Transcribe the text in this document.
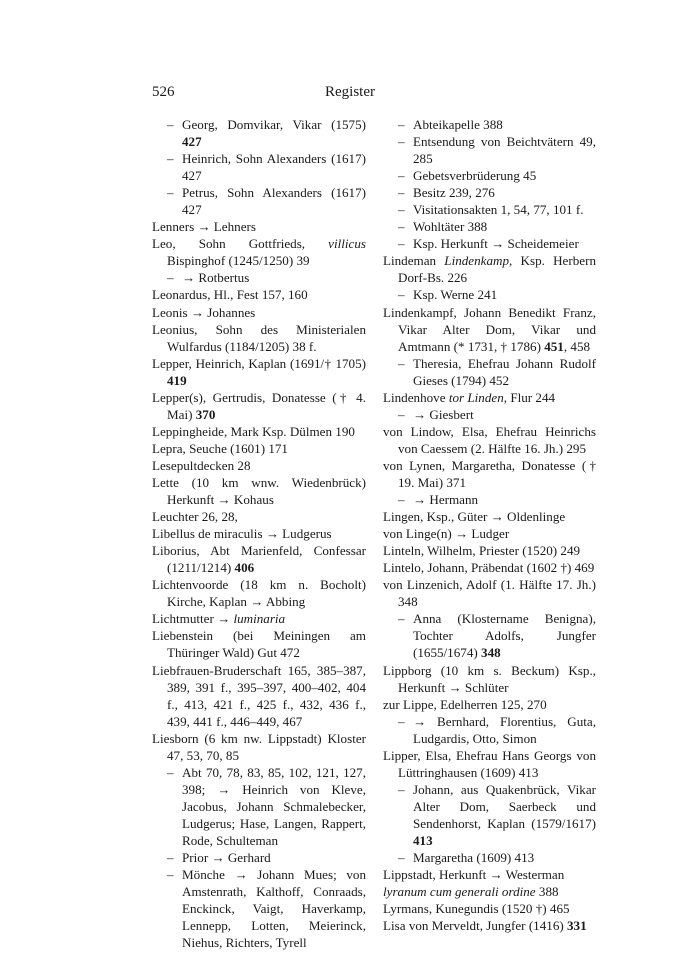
526	Register
– Georg, Domvikar, Vikar (1575) 427
– Heinrich, Sohn Alexanders (1617) 427
– Petrus, Sohn Alexanders (1617) 427
Lenners → Lehners
Leo, Sohn Gottfrieds, villicus Bispinghof (1245/1250) 39
– → Rotbertus
Leonardus, Hl., Fest 157, 160
Leonis → Johannes
Leonius, Sohn des Ministerialen Wulfardus (1184/1205) 38 f.
Lepper, Heinrich, Kaplan (1691/† 1705) 419
Lepper(s), Gertrudis, Donatesse († 4. Mai) 370
Leppingheide, Mark Ksp. Dülmen 190
Lepra, Seuche (1601) 171
Lesepultdecken 28
Lette (10 km wnw. Wiedenbrück) Herkunft → Kohaus
Leuchter 26, 28,
Libellus de miraculis → Ludgerus
Liborius, Abt Marienfeld, Confessar (1211/1214) 406
Lichtenvoorde (18 km n. Bocholt) Kirche, Kaplan → Abbing
Lichtmutter → luminaria
Liebenstein (bei Meiningen am Thüringer Wald) Gut 472
Liebfrauen-Bruderschaft 165, 385–387, 389, 391 f., 395–397, 400–402, 404 f., 413, 421 f., 425 f., 432, 436 f., 439, 441 f., 446–449, 467
Liesborn (6 km nw. Lippstadt) Kloster 47, 53, 70, 85
– Abt 70, 78, 83, 85, 102, 121, 127, 398; → Heinrich von Kleve, Jacobus, Johann Schmalebecker, Ludgerus; Hase, Langen, Rappert, Rode, Schulteman
– Prior → Gerhard
– Mönche → Johann Mues; von Amstenrath, Kalthoff, Conraads, Enckinck, Vaigt, Haverkamp, Lennepp, Lotten, Meierinck, Niehus, Richters, Tyrell
– Abteikapelle 388
– Entsendung von Beichtvätern 49, 285
– Gebetsverbrüderung 45
– Besitz 239, 276
– Visitationsakten 1, 54, 77, 101 f.
– Wohltäter 388
– Ksp. Herkunft → Scheidemeier
Lindeman Lindenkamp, Ksp. Herbern Dorf-Bs. 226
– Ksp. Werne 241
Lindenkampf, Johann Benedikt Franz, Vikar Alter Dom, Vikar und Amtmann (* 1731, † 1786) 451, 458
– Theresia, Ehefrau Johann Rudolf Gieses (1794) 452
Lindenhove tor Linden, Flur 244
– → Giesbert
von Lindow, Elsa, Ehefrau Heinrichs von Caessem (2. Hälfte 16. Jh.) 295
von Lynen, Margaretha, Donatesse († 19. Mai) 371
– → Hermann
Lingen, Ksp., Güter → Oldenlinge
von Linge(n) → Ludger
Linteln, Wilhelm, Priester (1520) 249
Lintelo, Johann, Präbendat (1602 †) 469
von Linzenich, Adolf (1. Hälfte 17. Jh.) 348
– Anna (Klostername Benigna), Tochter Adolfs, Jungfer (1655/1674) 348
Lippborg (10 km s. Beckum) Ksp., Herkunft → Schlüter
zur Lippe, Edelherren 125, 270
– → Bernhard, Florentius, Guta, Ludgardis, Otto, Simon
Lipper, Elsa, Ehefrau Hans Georgs von Lüttringhausen (1609) 413
– Johann, aus Quakenbrück, Vikar Alter Dom, Saerbeck und Sendenhorst, Kaplan (1579/1617) 413
– Margaretha (1609) 413
Lippstadt, Herkunft → Westerman
lyranum cum generali ordine 388
Lyrmans, Kunegundis (1520 †) 465
Lisa von Merveldt, Jungfer (1416) 331
